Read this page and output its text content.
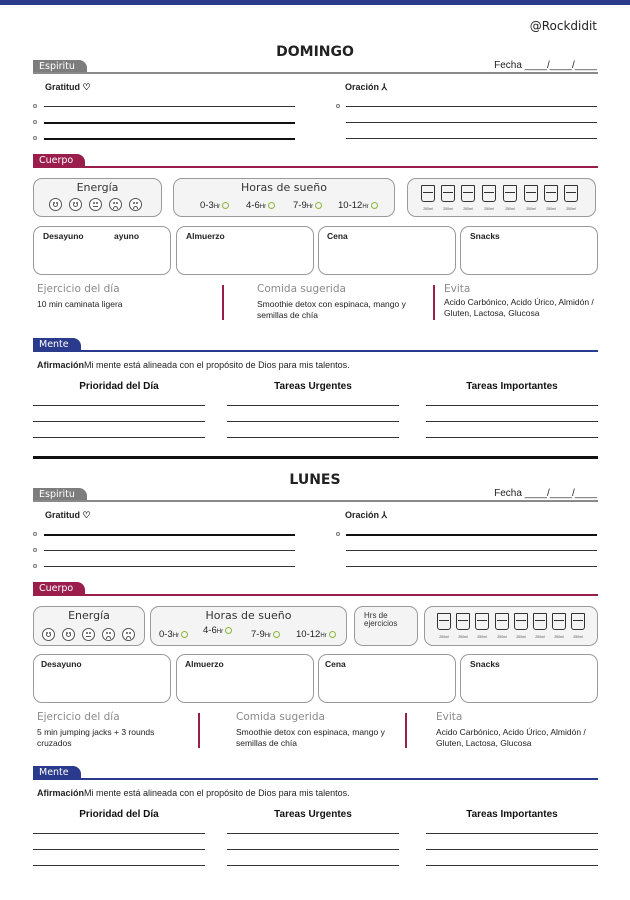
@Rockdidit
DOMINGO
Espiritu	Fecha ____/____/____
Gratitud ♡	Oración ⅄
Cuerpo
Energía	Horas de sueño
0-3Hr	4-6Hr	7-9Hr	10-12Hr	250ml	250ml	250ml	250ml	250ml	250ml	250ml	250ml
Desayuno	ayuno	Almuerzo	Cena	Snacks
Ejercicio del día
10 min caminata ligera
Comida sugerida
Smoothie detox con espinaca, mango y semillas de chía
Evita
Acido Carbónico, Acido Úrico, Almidón / Gluten, Lactosa, Glucosa
Mente
AfirmaciónMi mente está alineada con el propósito de Dios para mis talentos.
Prioridad del Día	Tareas Urgentes	Tareas Importantes
LUNES
Espiritu	Fecha ____/____/____
Gratitud ♡	Oración ⅄
Cuerpo
Energía	Horas de sueño
0-3Hr	4-6Hr	7-9Hr	10-12Hr
Hrs de ejercicios
250ml	250ml	250ml	250ml	250ml	250ml	250ml	250ml
Desayuno	Almuerzo	Cena	Snacks
Ejercicio del día
5 min jumping jacks + 3 rounds cruzados
Comida sugerida
Smoothie detox con espinaca, mango y semillas de chía
Evita
Acido Carbónico, Acido Úrico, Almidón / Gluten, Lactosa, Glucosa
Mente
AfirmaciónMi mente está alineada con el propósito de Dios para mis talentos.
Prioridad del Día	Tareas Urgentes	Tareas Importantes
